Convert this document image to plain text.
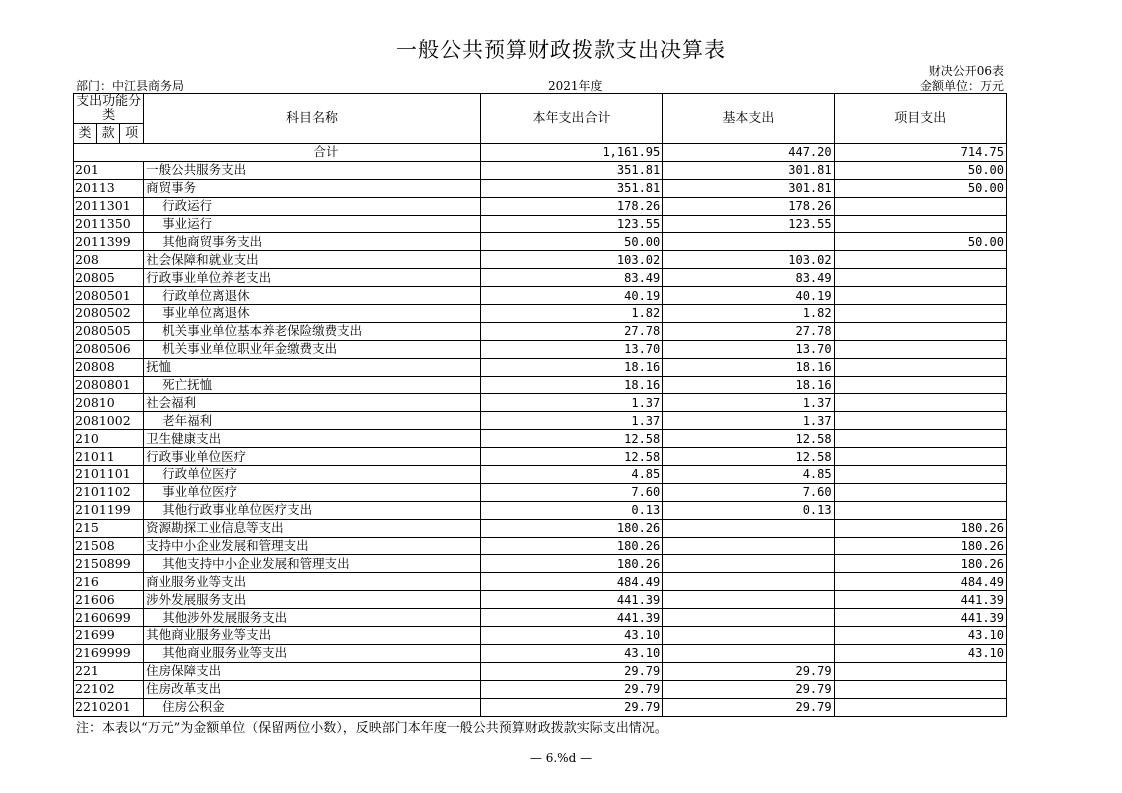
一般公共预算财政拨款支出决算表
财决公开06表
部门：中江县商务局	2021年度	金额单位：万元
支出功能分类			科目名称	本年支出合计	基本支出	项目支出
类	款	项				
合计				1,161.95	447.20	714.75
201			一般公共服务支出	351.81	301.81	50.00
20113			商贸事务	351.81	301.81	50.00
2011301			行政运行	178.26	178.26	
2011350			事业运行	123.55	123.55	
2011399			其他商贸事务支出	50.00		50.00
208			社会保障和就业支出	103.02	103.02	
20805			行政事业单位养老支出	83.49	83.49	
2080501			行政单位离退休	40.19	40.19	
2080502			事业单位离退休	1.82	1.82	
2080505			机关事业单位基本养老保险缴费支出	27.78	27.78	
2080506			机关事业单位职业年金缴费支出	13.70	13.70	
20808			抚恤	18.16	18.16	
2080801			死亡抚恤	18.16	18.16	
20810			社会福利	1.37	1.37	
2081002			老年福利	1.37	1.37	
210			卫生健康支出	12.58	12.58	
21011			行政事业单位医疗	12.58	12.58	
2101101			行政单位医疗	4.85	4.85	
2101102			事业单位医疗	7.60	7.60	
2101199			其他行政事业单位医疗支出	0.13	0.13	
215			资源勘探工业信息等支出	180.26		180.26
21508			支持中小企业发展和管理支出	180.26		180.26
2150899			其他支持中小企业发展和管理支出	180.26		180.26
216			商业服务业等支出	484.49		484.49
21606			涉外发展服务支出	441.39		441.39
2160699			其他涉外发展服务支出	441.39		441.39
21699			其他商业服务业等支出	43.10		43.10
2169999			其他商业服务业等支出	43.10		43.10
221			住房保障支出	29.79	29.79	
22102			住房改革支出	29.79	29.79	
2210201			住房公积金	29.79	29.79	
注：本表以“万元”为金额单位（保留两位小数），反映部门本年度一般公共预算财政拨款实际支出情况。
— 6.%d —
